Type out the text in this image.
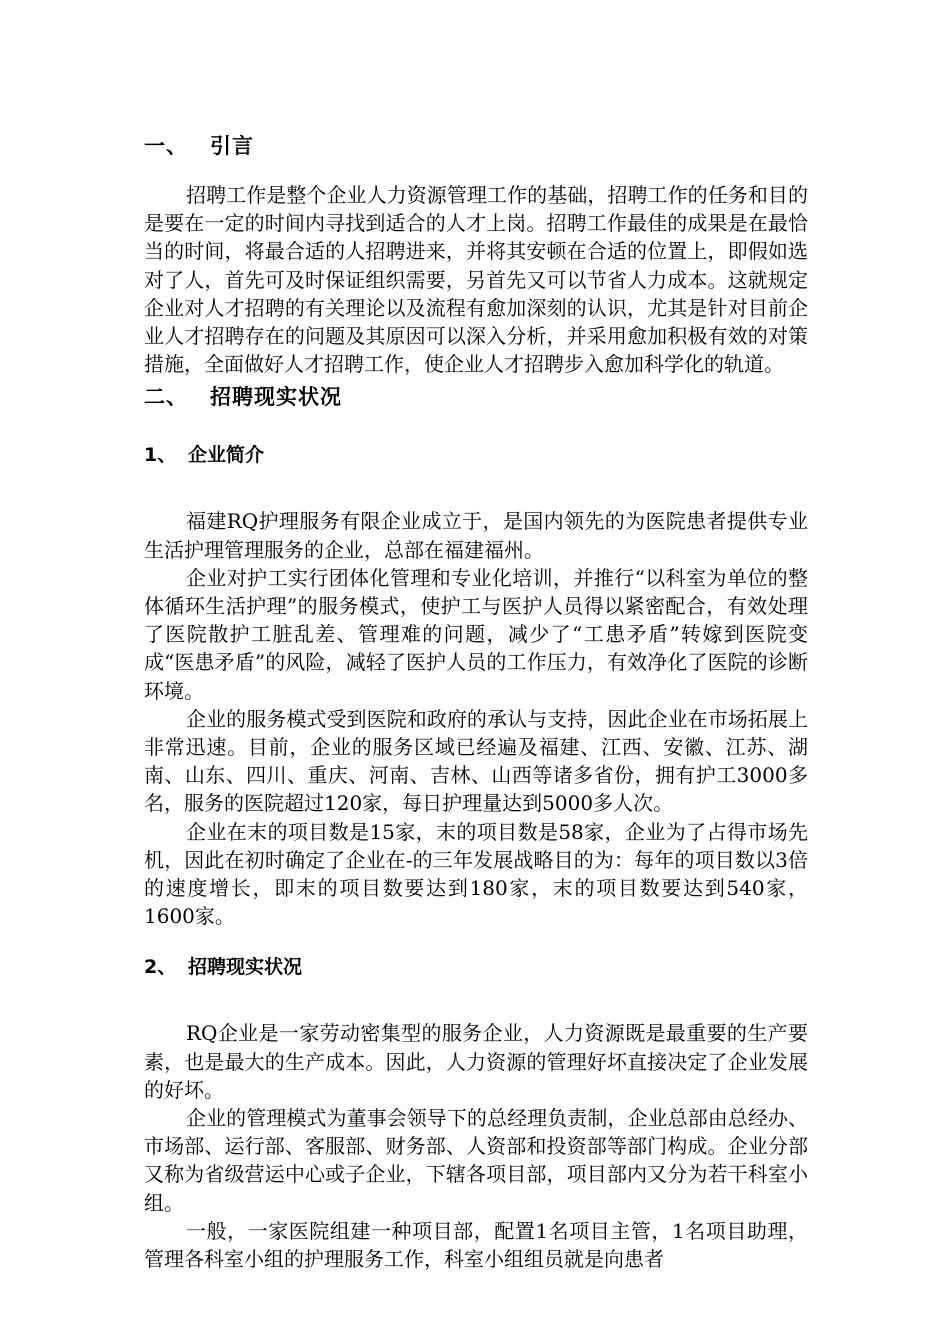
一、 引言

招聘工作是整个企业人力资源管理工作的基础，招聘工作的任务和目的是要在一定的时间内寻找到适合的人才上岗。招聘工作最佳的成果是在最恰当的时间，将最合适的人招聘进来，并将其安顿在合适的位置上，即假如选对了人，首先可及时保证组织需要，另首先又可以节省人力成本。这就规定企业对人才招聘的有关理论以及流程有愈加深刻的认识，尤其是针对目前企业人才招聘存在的问题及其原因可以深入分析，并采用愈加积极有效的对策措施，全面做好人才招聘工作，使企业人才招聘步入愈加科学化的轨道。

二、 招聘现实状况
1、 企业简介

福建RQ护理服务有限企业成立于，是国内领先的为医院患者提供专业生活护理管理服务的企业，总部在福建福州。

企业对护工实行团体化管理和专业化培训，并推行“以科室为单位的整体循环生活护理”的服务模式，使护工与医护人员得以紧密配合，有效处理了医院散护工脏乱差、管理难的问题，减少了“工患矛盾”转嫁到医院变成“医患矛盾”的风险，减轻了医护人员的工作压力，有效净化了医院的诊断环境。

企业的服务模式受到医院和政府的承认与支持，因此企业在市场拓展上非常迅速。目前，企业的服务区域已经遍及福建、江西、安徽、江苏、湖南、山东、四川、重庆、河南、吉林、山西等诸多省份，拥有护工3000多名，服务的医院超过120家，每日护理量达到5000多人次。

企业在末的项目数是15家，末的项目数是58家，企业为了占得市场先机，因此在初时确定了企业在-的三年发展战略目的为：每年的项目数以3倍的速度增长，即末的项目数要达到180家，末的项目数要达到540家，1600家。

2、 招聘现实状况

RQ企业是一家劳动密集型的服务企业，人力资源既是最重要的生产要素，也是最大的生产成本。因此，人力资源的管理好坏直接决定了企业发展的好坏。

企业的管理模式为董事会领导下的总经理负责制，企业总部由总经办、市场部、运行部、客服部、财务部、人资部和投资部等部门构成。企业分部又称为省级营运中心或子企业，下辖各项目部，项目部内又分为若干科室小组。

一般，一家医院组建一种项目部，配置1名项目主管，1名项目助理，管理各科室小组的护理服务工作，科室小组组员就是向患者
